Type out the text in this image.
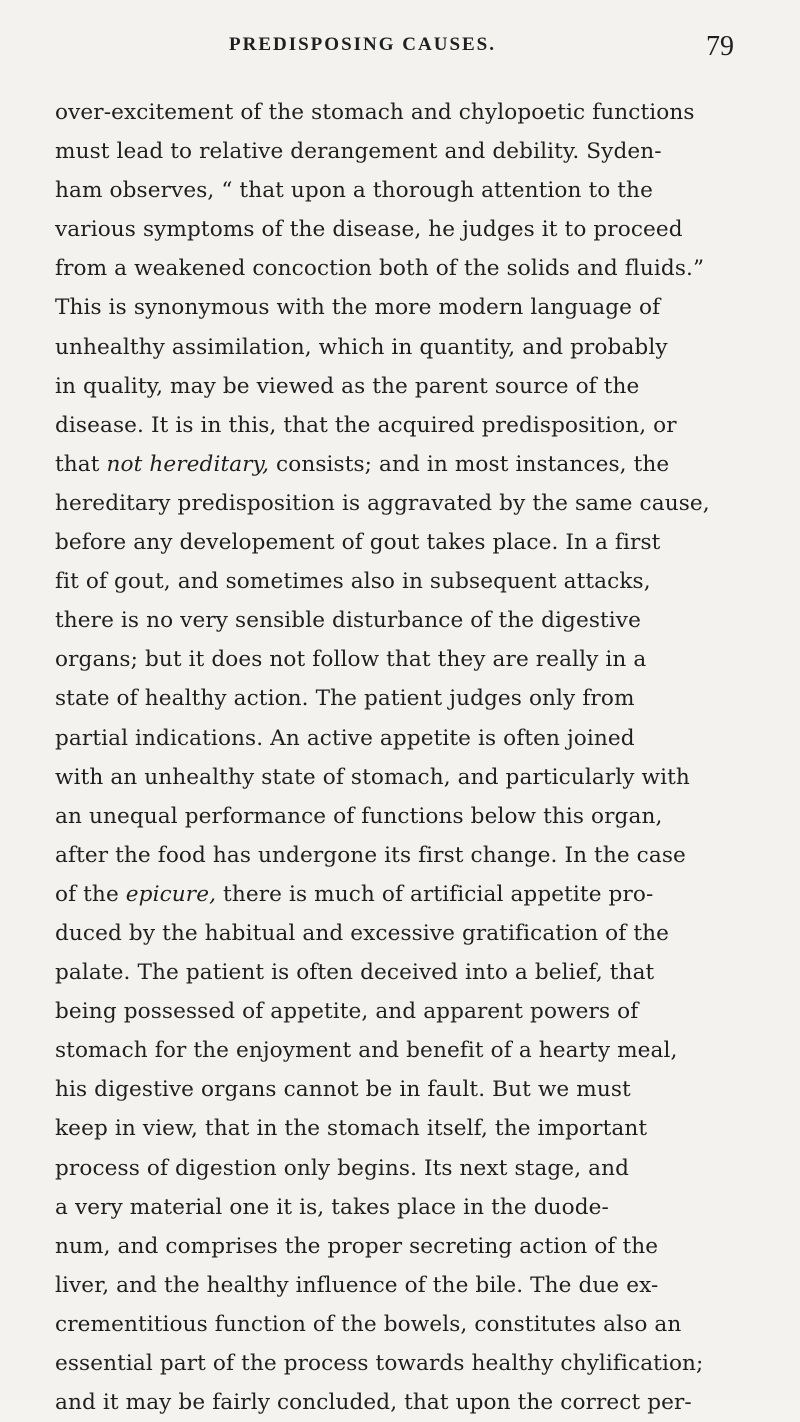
PREDISPOSING CAUSES.	79
over-excitement of the stomach and chylopoetic functions
must lead to relative derangement and debility. Syden-
ham observes, “ that upon a thorough attention to the
various symptoms of the disease, he judges it to proceed
from a weakened concoction both of the solids and fluids.”
This is synonymous with the more modern language of
unhealthy assimilation, which in quantity, and probably
in quality, may be viewed as the parent source of the
disease. It is in this, that the acquired predisposition, or
that not hereditary, consists; and in most instances, the
hereditary predisposition is aggravated by the same cause,
before any developement of gout takes place. In a first
fit of gout, and sometimes also in subsequent attacks,
there is no very sensible disturbance of the digestive
organs; but it does not follow that they are really in a
state of healthy action. The patient judges only from
partial indications. An active appetite is often joined
with an unhealthy state of stomach, and particularly with
an unequal performance of functions below this organ,
after the food has undergone its first change. In the case
of the epicure, there is much of artificial appetite pro-
duced by the habitual and excessive gratification of the
palate. The patient is often deceived into a belief, that
being possessed of appetite, and apparent powers of
stomach for the enjoyment and benefit of a hearty meal,
his digestive organs cannot be in fault. But we must
keep in view, that in the stomach itself, the important
process of digestion only begins. Its next stage, and
a very material one it is, takes place in the duode-
num, and comprises the proper secreting action of the
liver, and the healthy influence of the bile. The due ex-
crementitious function of the bowels, constitutes also an
essential part of the process towards healthy chylification;
and it may be fairly concluded, that upon the correct per-
